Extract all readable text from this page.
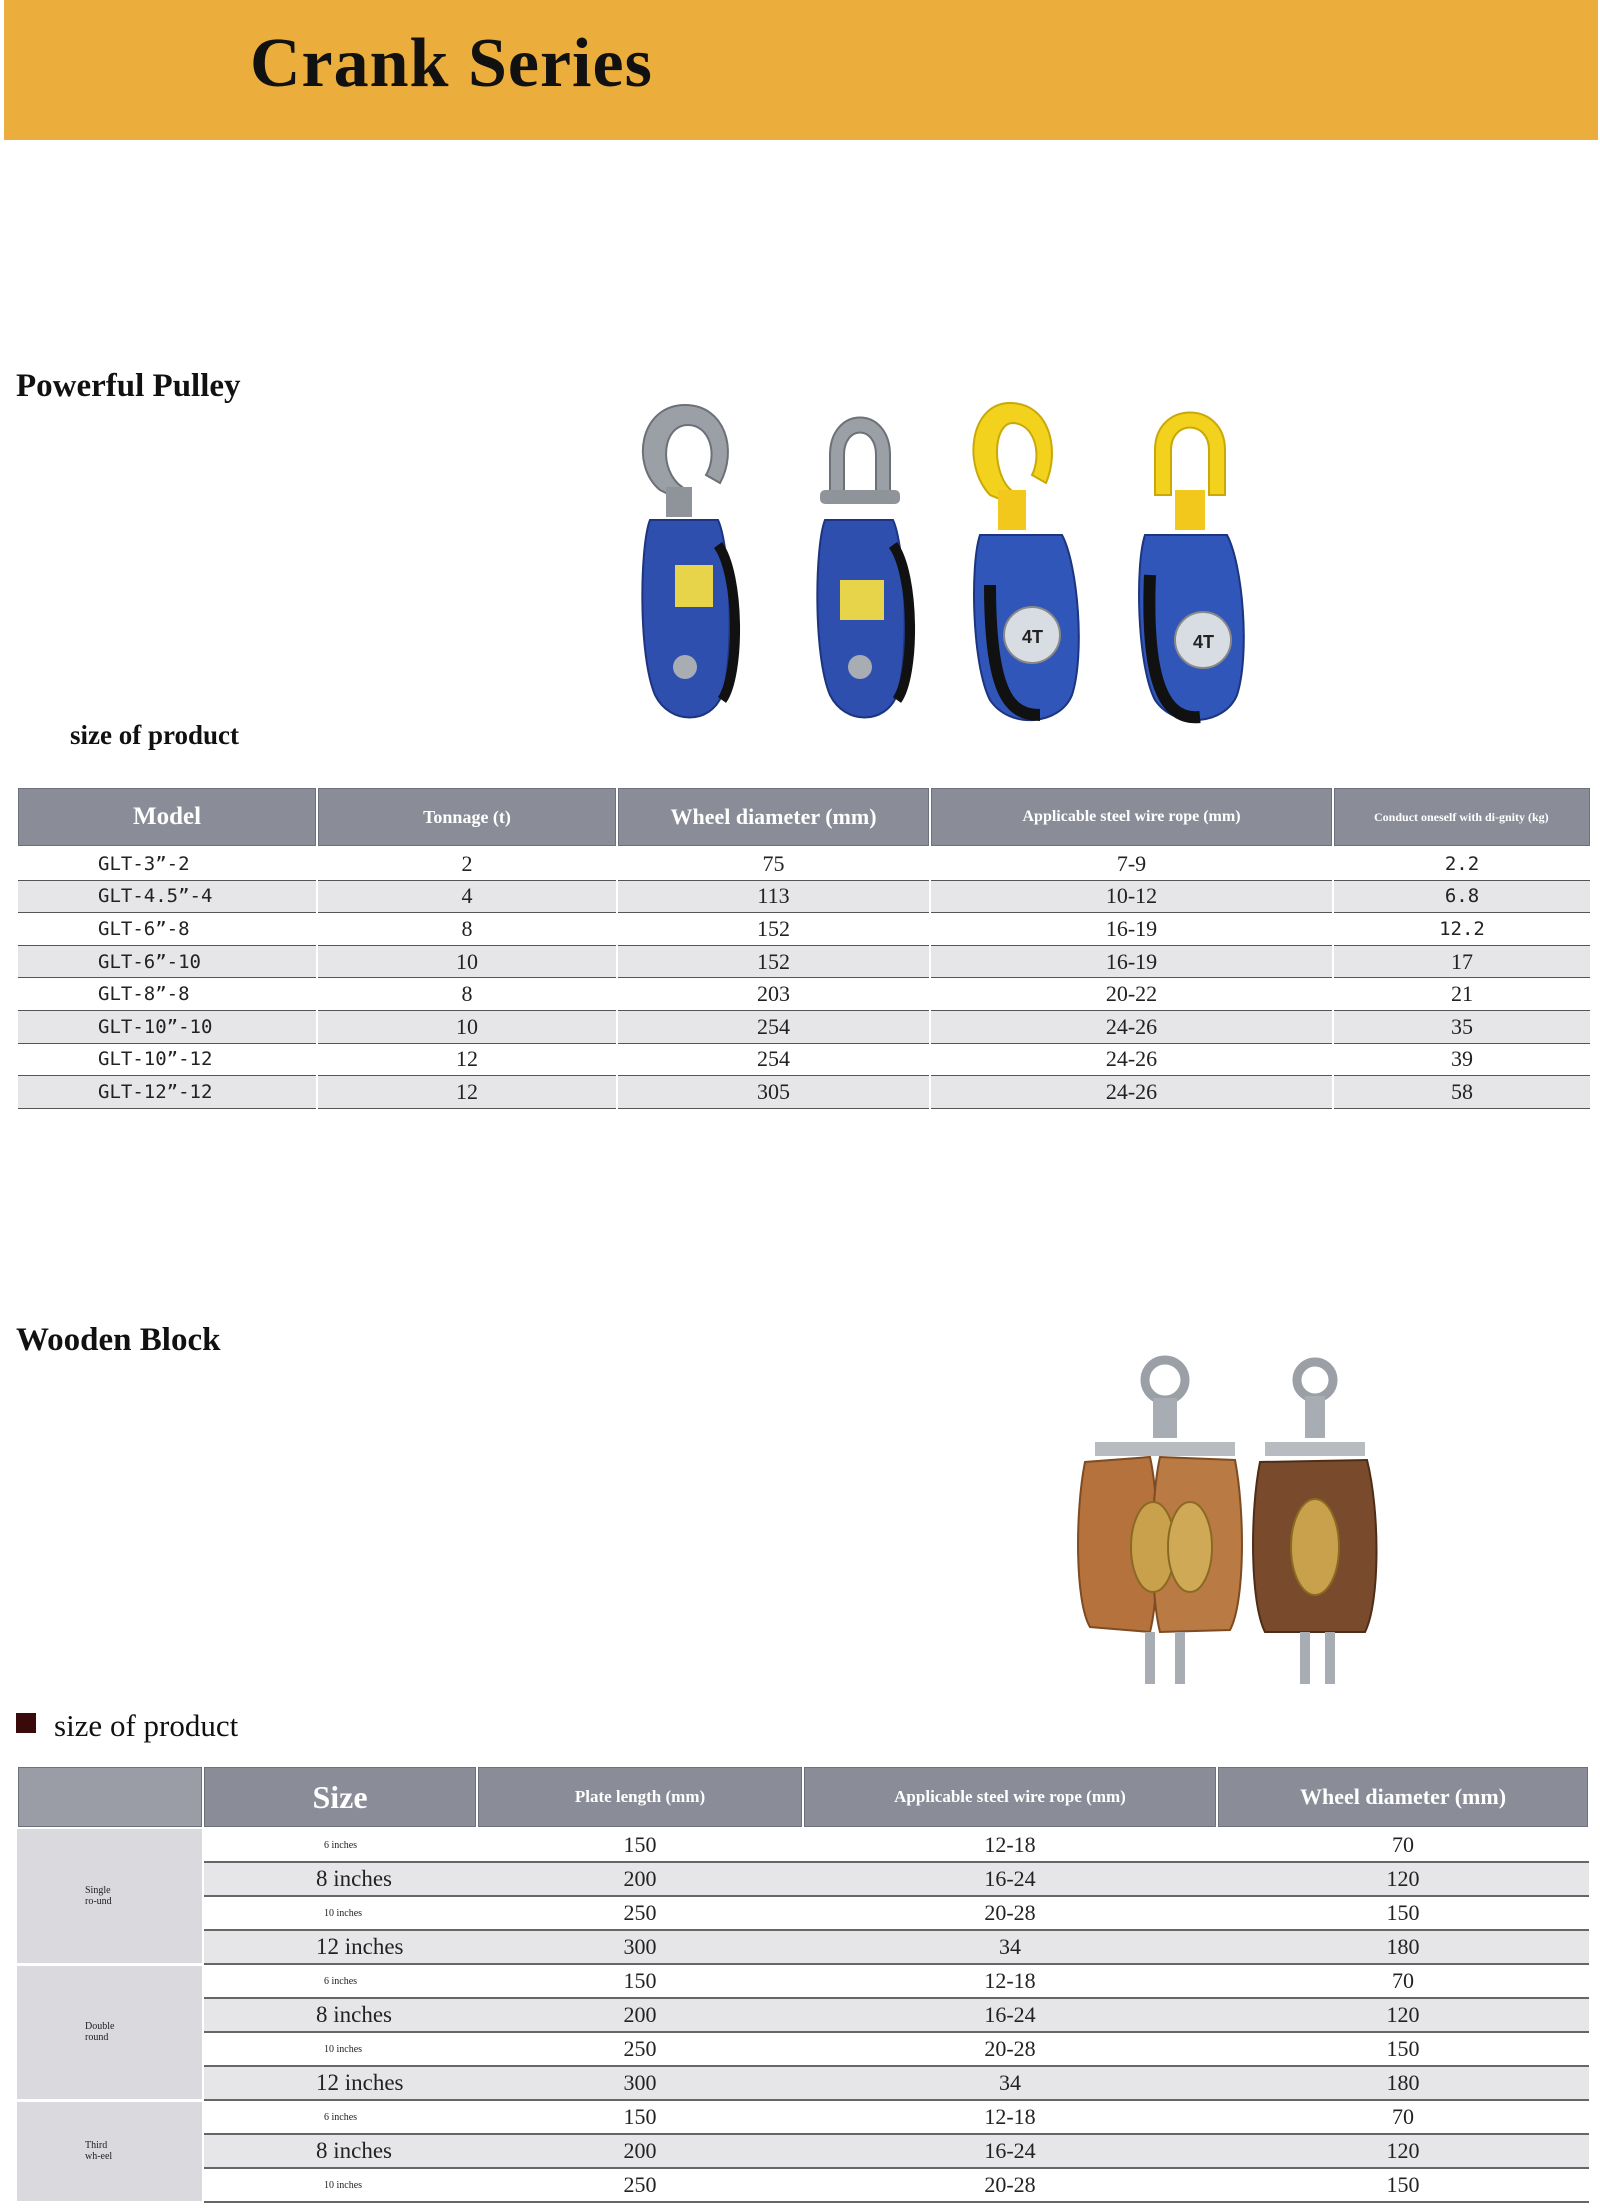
Crank Series
Powerful Pulley
4T	4T
size of product
Model	Tonnage (t)	Wheel diameter (mm)	Applicable steel wire rope (mm)	Conduct oneself with di-gnity (kg)
GLT-3”-2	2	75	7-9	2.2
GLT-4.5”-4	4	113	10-12	6.8
GLT-6”-8	8	152	16-19	12.2
GLT-6”-10	10	152	16-19	17
GLT-8”-8	8	203	20-22	21
GLT-10”-10	10	254	24-26	35
GLT-10”-12	12	254	24-26	39
GLT-12”-12	12	305	24-26	58
Wooden Block
size of product
	Size	Plate length (mm)	Applicable steel wire rope (mm)	Wheel diameter (mm)
Single ro-und	6 inches	150	12-18	70
	8 inches	200	16-24	120
	10 inches	250	20-28	150
	12 inches	300	34	180
Double round	6 inches	150	12-18	70
	8 inches	200	16-24	120
	10 inches	250	20-28	150
	12 inches	300	34	180
Third wh-eel	6 inches	150	12-18	70
	8 inches	200	16-24	120
	10 inches	250	20-28	150
